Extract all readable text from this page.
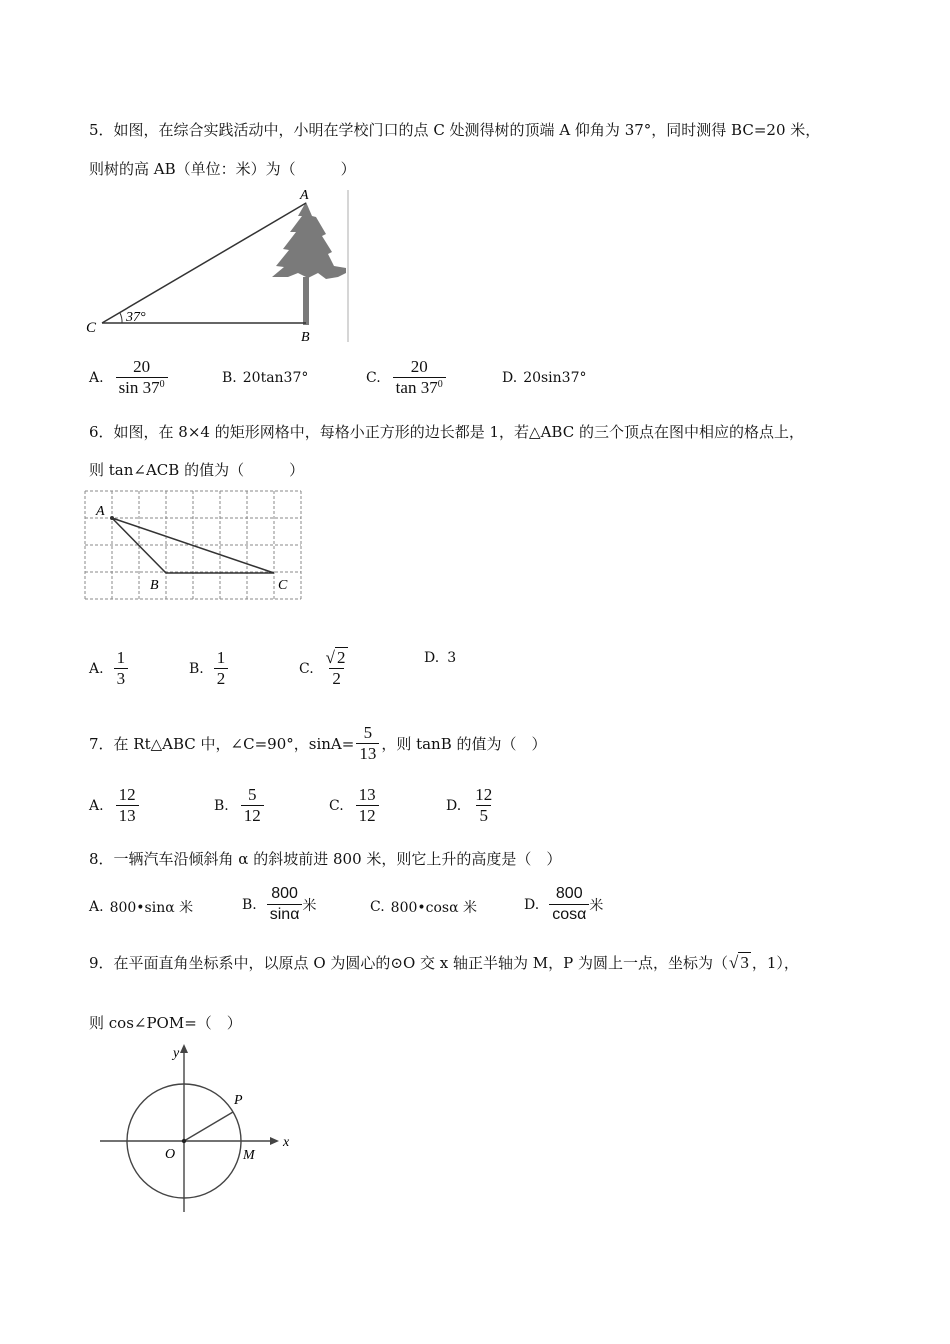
5．如图，在综合实践活动中，小明在学校门口的点 C 处测得树的顶端 A 仰角为 37°，同时测得 BC=20 米，
则树的高 AB（单位：米）为（　　　）
37°
A
B
C
A. $\frac{20}{\sin 37^0}$	B. 20tan37°	C. $\frac{20}{\tan 37^0}$	D. 20sin37°
6．如图，在 8×4 的矩形网格中，每格小正方形的边长都是 1，若△ABC 的三个顶点在图中相应的格点上，
则 tan∠ACB 的值为（　　　）
A
B	C
A. $\frac{1}{3}$	B. $\frac{1}{2}$	C. $\frac{√ 2}{2}$	D. 3
7．在 Rt△ABC 中，∠C=90°，$\sin A= \frac{5}{13}$ ，则 tanB 的值为（　）
A. $\frac{12}{13}$	B. $\frac{5}{12}$	C. $\frac{13}{12}$	D. $\frac{12}{5}$
8．一辆汽车沿倾斜角 α 的斜坡前进 800 米，则它上升的高度是（　）
A. 800•sinα 米	B. $\frac{800}{\sin\alpha}$ 米	C. 800•cosα 米	D. $\frac{800}{\cos\alpha}$ 米
9．在平面直角坐标系中，以原点 O 为圆心的⊙O 交 x 轴正半轴为 M，P 为圆上一点，坐标为（ √ 3 ，1），
则 cos∠POM=（　）
y
x
P
O	M
